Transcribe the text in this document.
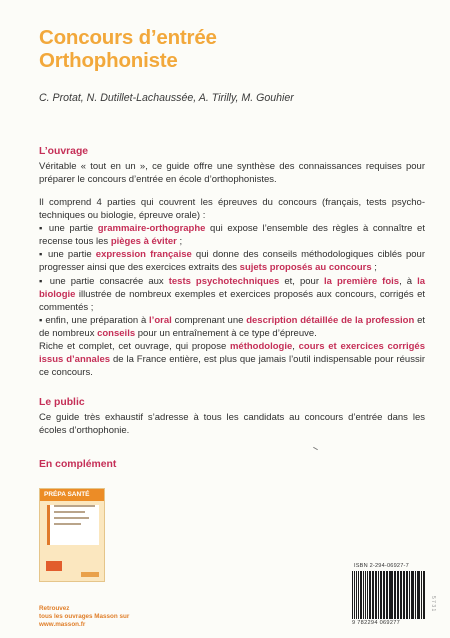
Concours d’entrée
Orthophoniste
C. Protat, N. Dutillet-Lachaussée, A. Tirilly, M. Gouhier
L’ouvrage
Véritable « tout en un », ce guide offre une synthèse des connaissances requises pour préparer le concours d’entrée en école d’orthophonistes.
Il comprend 4 parties qui couvrent les épreuves du concours (français, tests psycho-techniques ou biologie, épreuve orale) :
▪ une partie grammaire-orthographe qui expose l’ensemble des règles à connaître et recense tous les pièges à éviter ;
▪ une partie expression française qui donne des conseils méthodologiques ciblés pour progresser ainsi que des exercices extraits des sujets proposés au concours ;
▪ une partie consacrée aux tests psychotechniques et, pour la première fois, à la biologie illustrée de nombreux exemples et exercices proposés aux concours, corrigés et commentés ;
▪ enfin, une préparation à l’oral comprenant une description détaillée de la profession et de nombreux conseils pour un entraînement à ce type d’épreuve.
Riche et complet, cet ouvrage, qui propose méthodologie, cours et exercices corrigés issus d’annales de la France entière, est plus que jamais l’outil indispensable pour réussir ce concours.
Le public
Ce guide très exhaustif s’adresse à tous les candidats au concours d’entrée dans les écoles d’orthophonie.
En complément
PRÉPA SANTÉ
Retrouvez
tous les ouvrages Masson sur
www.masson.fr
ISBN 2-294-06927-7
9 782294 069277
5 7 3 1
